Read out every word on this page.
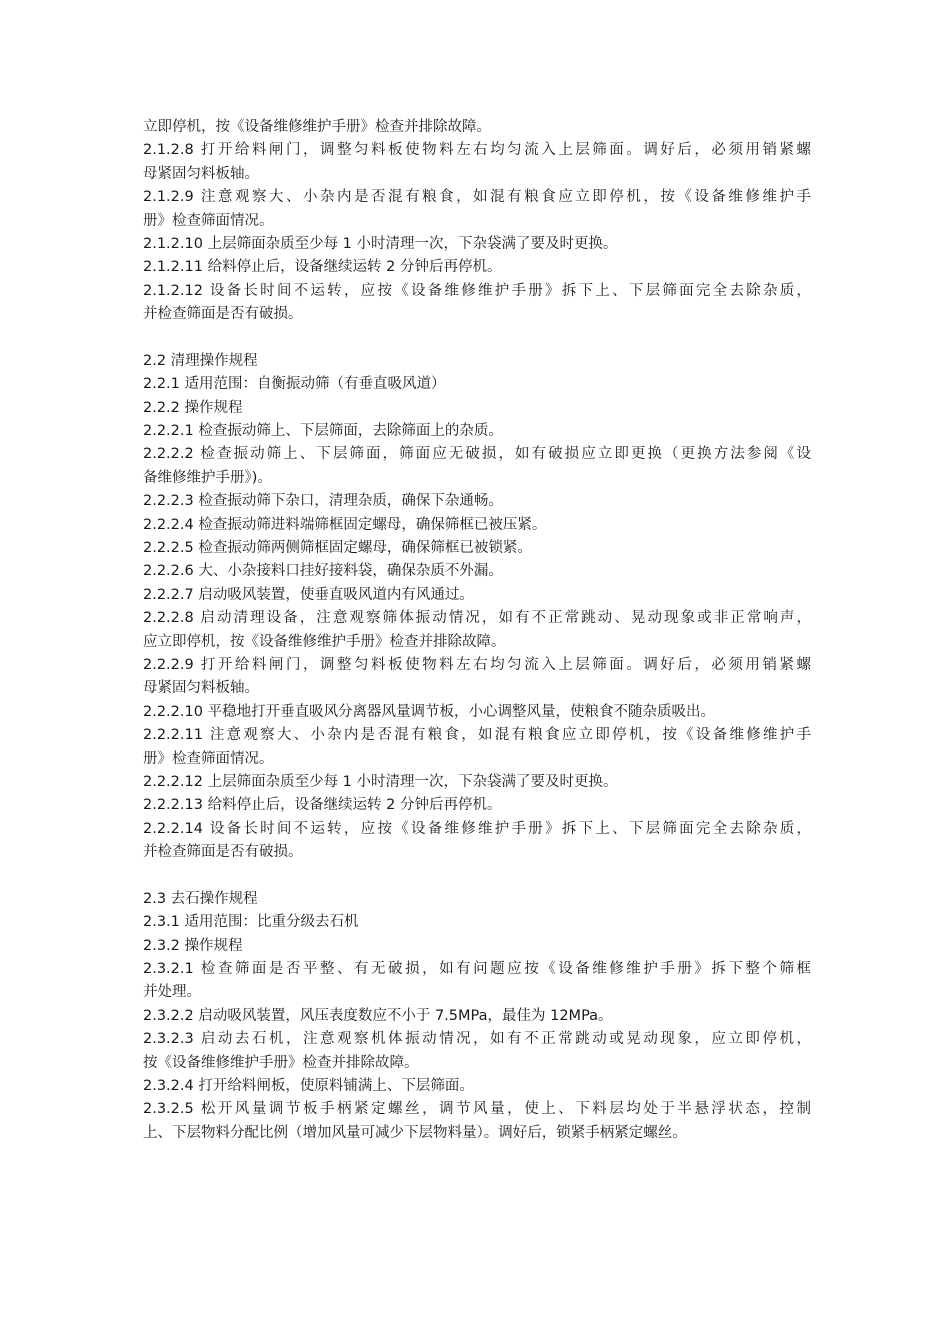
立即停机，按《设备维修维护手册》检查并排除故障。
2.1.2.8 打开给料闸门，调整匀料板使物料左右均匀流入上层筛面。调好后，必须用销紧螺
母紧固匀料板轴。
2.1.2.9 注意观察大、小杂内是否混有粮食，如混有粮食应立即停机，按《设备维修维护手
册》检查筛面情况。
2.1.2.10 上层筛面杂质至少每 1 小时清理一次，下杂袋满了要及时更换。
2.1.2.11 给料停止后，设备继续运转 2 分钟后再停机。
2.1.2.12 设备长时间不运转，应按《设备维修维护手册》拆下上、下层筛面完全去除杂质，
并检查筛面是否有破损。
2.2 清理操作规程
2.2.1 适用范围：自衡振动筛（有垂直吸风道）
2.2.2 操作规程
2.2.2.1 检查振动筛上、下层筛面，去除筛面上的杂质。
2.2.2.2 检查振动筛上、下层筛面，筛面应无破损，如有破损应立即更换（更换方法参阅《设
备维修维护手册》)。
2.2.2.3 检查振动筛下杂口，清理杂质，确保下杂通畅。
2.2.2.4 检查振动筛进料端筛框固定螺母，确保筛框已被压紧。
2.2.2.5 检查振动筛两侧筛框固定螺母，确保筛框已被锁紧。
2.2.2.6 大、小杂接料口挂好接料袋，确保杂质不外漏。
2.2.2.7 启动吸风装置，使垂直吸风道内有风通过。
2.2.2.8 启动清理设备，注意观察筛体振动情况，如有不正常跳动、晃动现象或非正常响声，
应立即停机，按《设备维修维护手册》检查并排除故障。
2.2.2.9 打开给料闸门，调整匀料板使物料左右均匀流入上层筛面。调好后，必须用销紧螺
母紧固匀料板轴。
2.2.2.10 平稳地打开垂直吸风分离器风量调节板，小心调整风量，使粮食不随杂质吸出。
2.2.2.11 注意观察大、小杂内是否混有粮食，如混有粮食应立即停机，按《设备维修维护手
册》检查筛面情况。
2.2.2.12 上层筛面杂质至少每 1 小时清理一次，下杂袋满了要及时更换。
2.2.2.13 给料停止后，设备继续运转 2 分钟后再停机。
2.2.2.14 设备长时间不运转，应按《设备维修维护手册》拆下上、下层筛面完全去除杂质，
并检查筛面是否有破损。
2.3 去石操作规程
2.3.1 适用范围：比重分级去石机
2.3.2 操作规程
2.3.2.1 检查筛面是否平整、有无破损，如有问题应按《设备维修维护手册》拆下整个筛框
并处理。
2.3.2.2 启动吸风装置，风压表度数应不小于 7.5MPa，最佳为 12MPa。
2.3.2.3 启动去石机，注意观察机体振动情况，如有不正常跳动或晃动现象，应立即停机，
按《设备维修维护手册》检查并排除故障。
2.3.2.4 打开给料闸板，使原料铺满上、下层筛面。
2.3.2.5 松开风量调节板手柄紧定螺丝，调节风量，使上、下料层均处于半悬浮状态，控制
上、下层物料分配比例（增加风量可减少下层物料量）。调好后，锁紧手柄紧定螺丝。
